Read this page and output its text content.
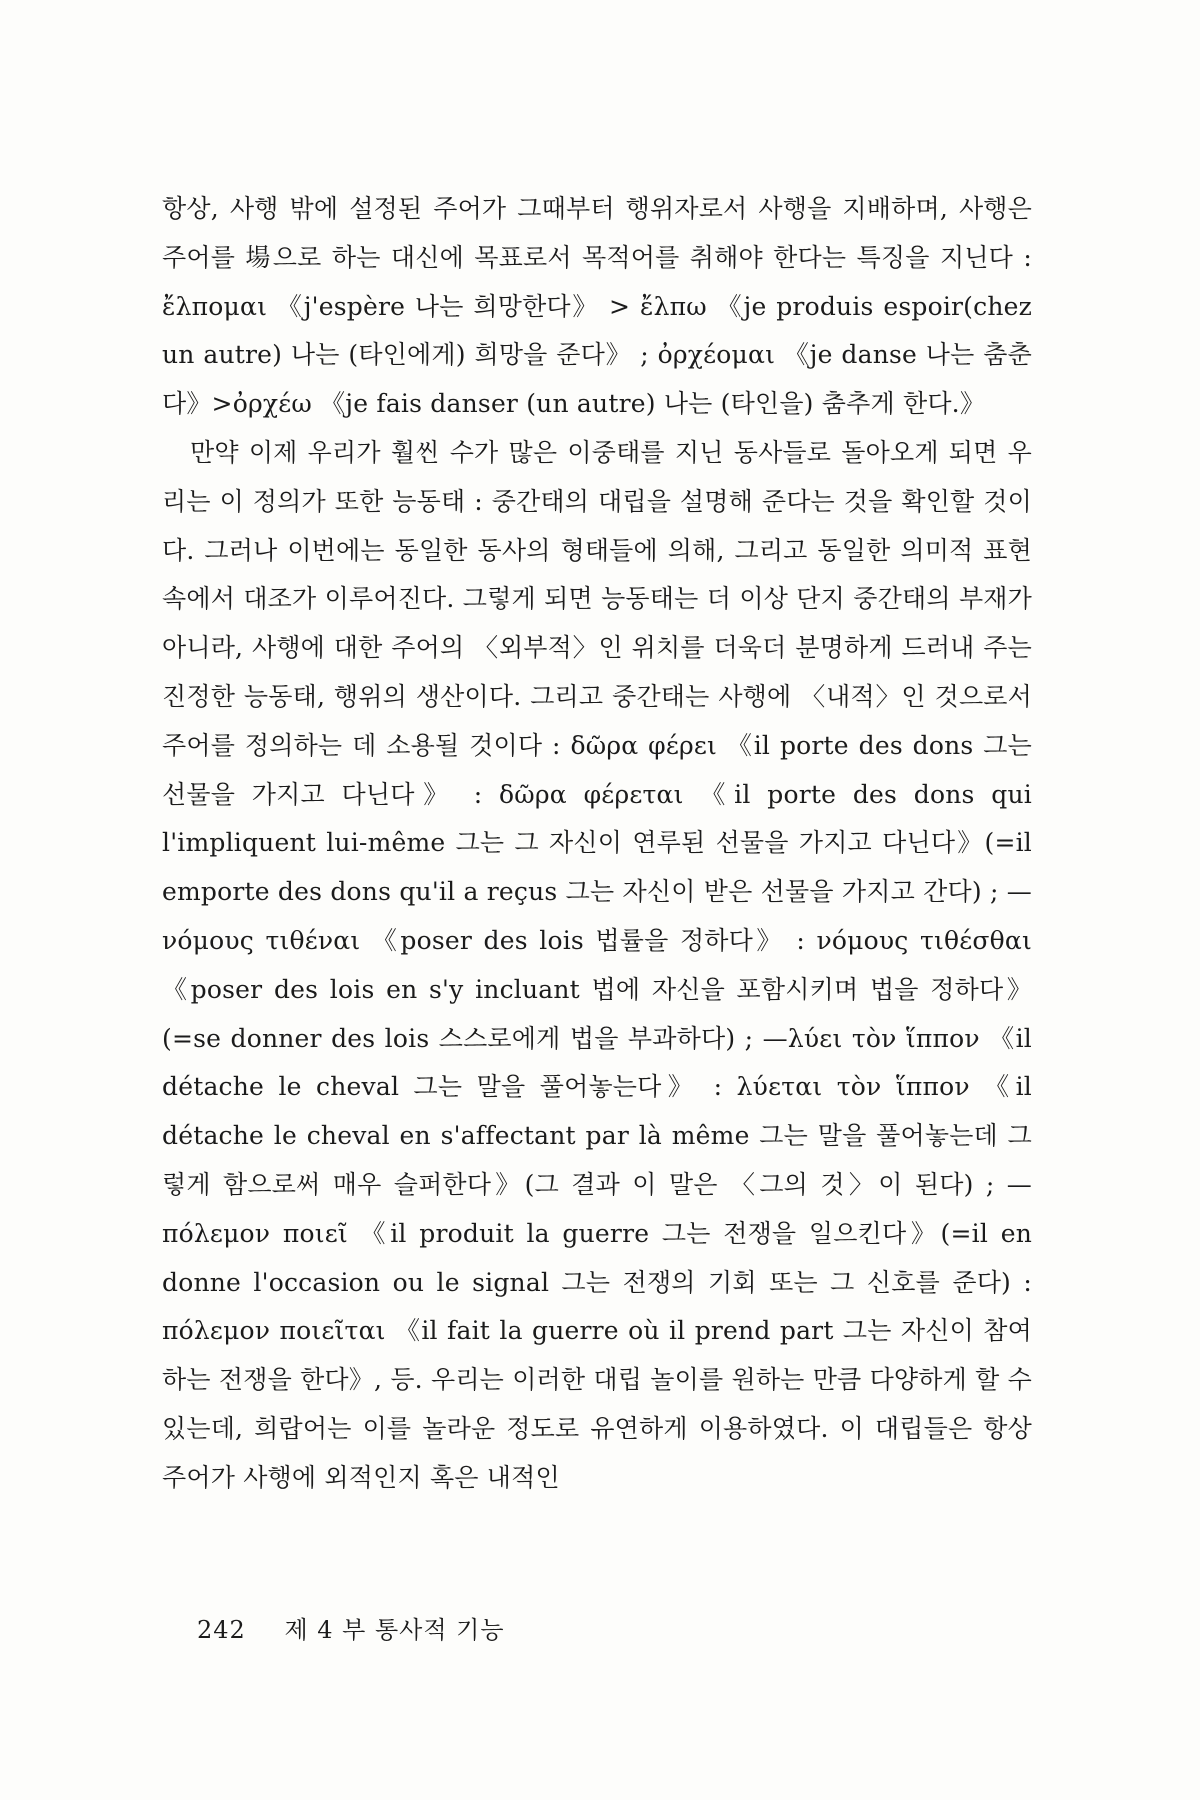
항상, 사행 밖에 설정된 주어가 그때부터 행위자로서 사행을 지배하며, 사행은 주어를 場으로 하는 대신에 목표로서 목적어를 취해야 한다는 특징을 지닌다 : ἔλπομαι 《j'espère 나는 희망한다》 > ἔλπω 《je produis espoir(chez un autre) 나는 (타인에게) 희망을 준다》 ; ὀρχέομαι 《je danse 나는 춤춘다》>ὀρχέω 《je fais danser (un autre) 나는 (타인을) 춤추게 한다.》

만약 이제 우리가 훨씬 수가 많은 이중태를 지닌 동사들로 돌아오게 되면 우리는 이 정의가 또한 능동태 : 중간태의 대립을 설명해 준다는 것을 확인할 것이다. 그러나 이번에는 동일한 동사의 형태들에 의해, 그리고 동일한 의미적 표현 속에서 대조가 이루어진다. 그렇게 되면 능동태는 더 이상 단지 중간태의 부재가 아니라, 사행에 대한 주어의 〈외부적〉인 위치를 더욱더 분명하게 드러내 주는 진정한 능동태, 행위의 생산이다. 그리고 중간태는 사행에 〈내적〉인 것으로서 주어를 정의하는 데 소용될 것이다 : δῶρα φέρει 《il porte des dons 그는 선물을 가지고 다닌다》 : δῶρα φέρεται 《il porte des dons qui l'impliquent lui-même 그는 그 자신이 연루된 선물을 가지고 다닌다》(=il emporte des dons qu'il a reçus 그는 자신이 받은 선물을 가지고 간다) ; —νόμους τιθέναι 《poser des lois 법률을 정하다》 : νόμους τιθέσθαι 《poser des lois en s'y incluant 법에 자신을 포함시키며 법을 정하다》(=se donner des lois 스스로에게 법을 부과하다) ; —λύει τὸν ἵππον 《il détache le cheval 그는 말을 풀어놓는다》 : λύεται τὸν ἵππον 《il détache le cheval en s'affectant par là même 그는 말을 풀어놓는데 그렇게 함으로써 매우 슬퍼한다》(그 결과 이 말은 〈그의 것〉이 된다) ; —πόλεμον ποιεῖ 《il produit la guerre 그는 전쟁을 일으킨다》(=il en donne l'occasion ou le signal 그는 전쟁의 기회 또는 그 신호를 준다) : πόλεμον ποιεῖται 《il fait la guerre où il prend part 그는 자신이 참여하는 전쟁을 한다》, 등. 우리는 이러한 대립 놀이를 원하는 만큼 다양하게 할 수 있는데, 희랍어는 이를 놀라운 정도로 유연하게 이용하였다. 이 대립들은 항상 주어가 사행에 외적인지 혹은 내적인

242 제 4 부 통사적 기능
